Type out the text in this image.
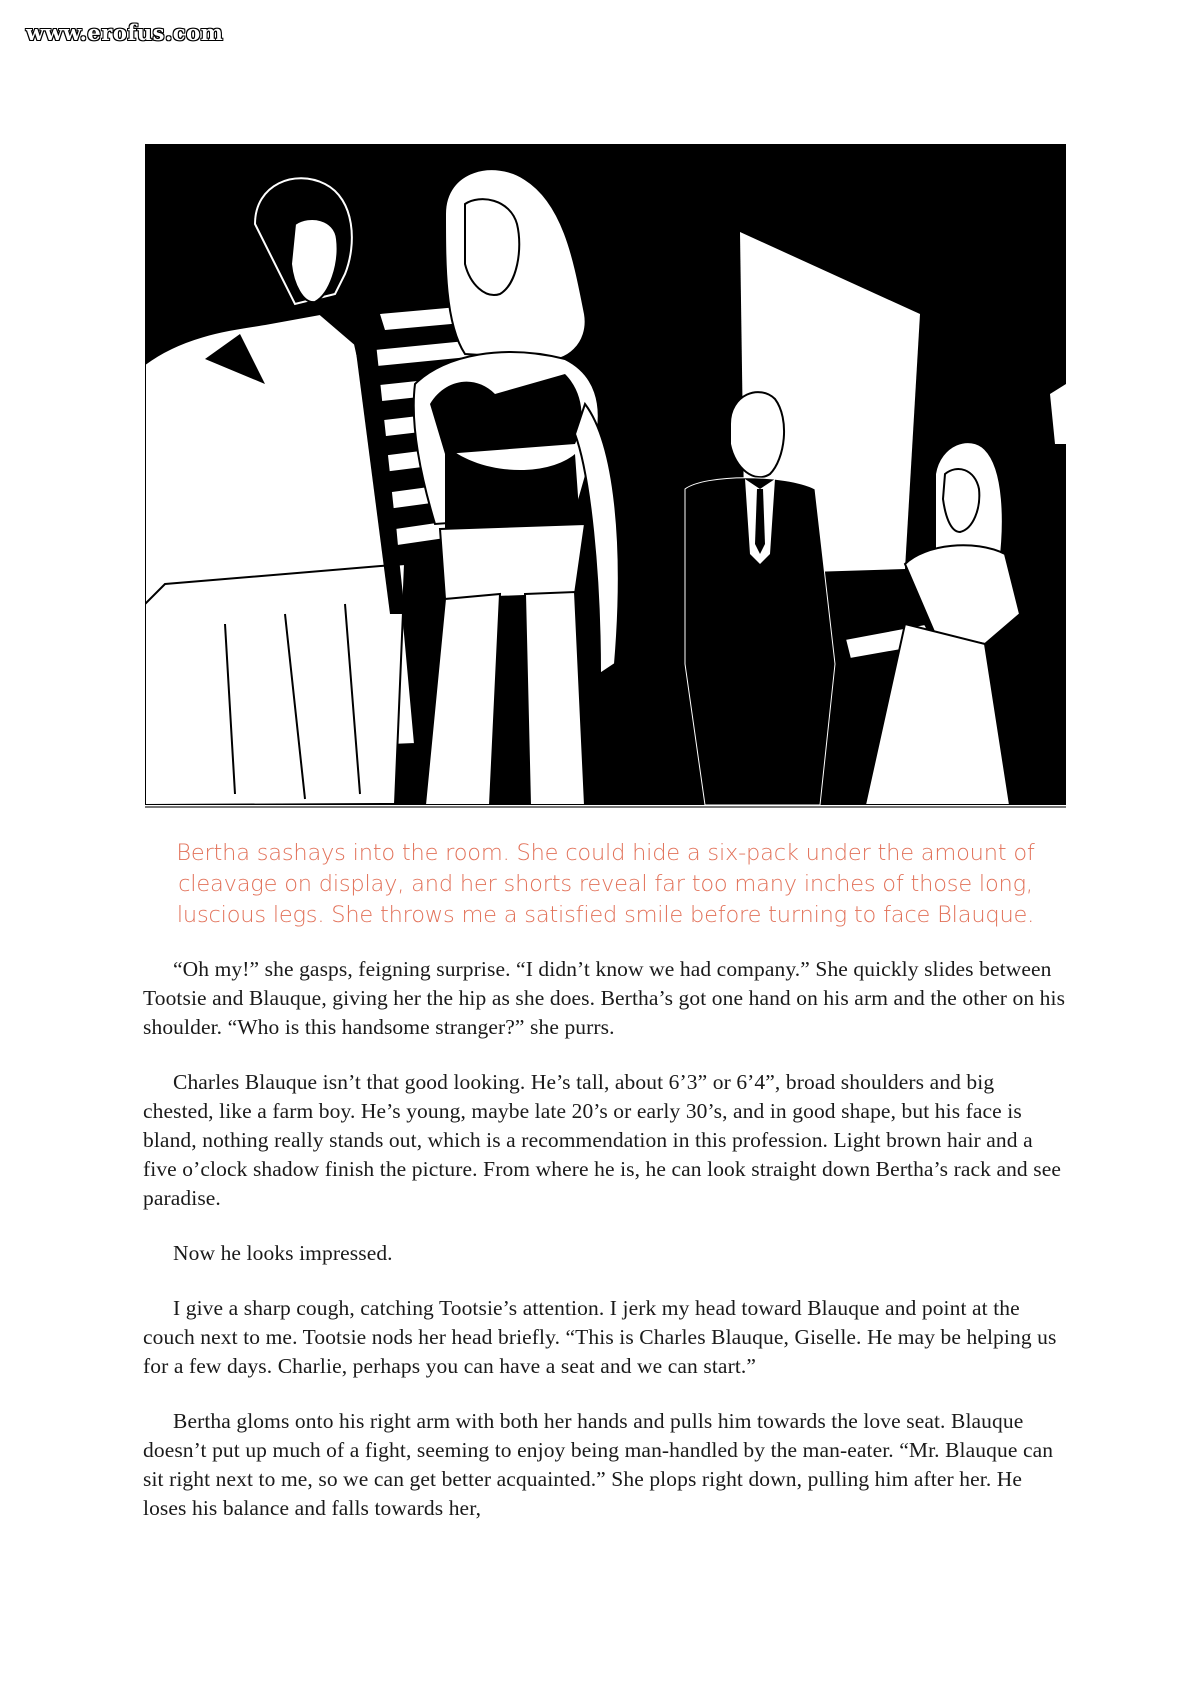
www.erofus.com
Bertha sashays into the room. She could hide a six-pack under the amount of cleavage on display, and her shorts reveal far too many inches of those long, luscious legs. She throws me a satisfied smile before turning to face Blauque.

“Oh my!” she gasps, feigning surprise. “I didn’t know we had company.” She quickly slides between Tootsie and Blauque, giving her the hip as she does. Bertha’s got one hand on his arm and the other on his shoulder. “Who is this handsome stranger?” she purrs.

Charles Blauque isn’t that good looking. He’s tall, about 6’3” or 6’4”, broad shoulders and big chested, like a farm boy. He’s young, maybe late 20’s or early 30’s, and in good shape, but his face is bland, nothing really stands out, which is a recommendation in this profession. Light brown hair and a five o’clock shadow finish the picture. From where he is, he can look straight down Bertha’s rack and see paradise.

Now he looks impressed.

I give a sharp cough, catching Tootsie’s attention. I jerk my head toward Blauque and point at the couch next to me. Tootsie nods her head briefly. “This is Charles Blauque, Giselle. He may be helping us for a few days. Charlie, perhaps you can have a seat and we can start.”

Bertha gloms onto his right arm with both her hands and pulls him towards the love seat. Blauque doesn’t put up much of a fight, seeming to enjoy being man-handled by the man-eater. “Mr. Blauque can sit right next to me, so we can get better acquainted.” She plops right down, pulling him after her. He loses his balance and falls towards her,
